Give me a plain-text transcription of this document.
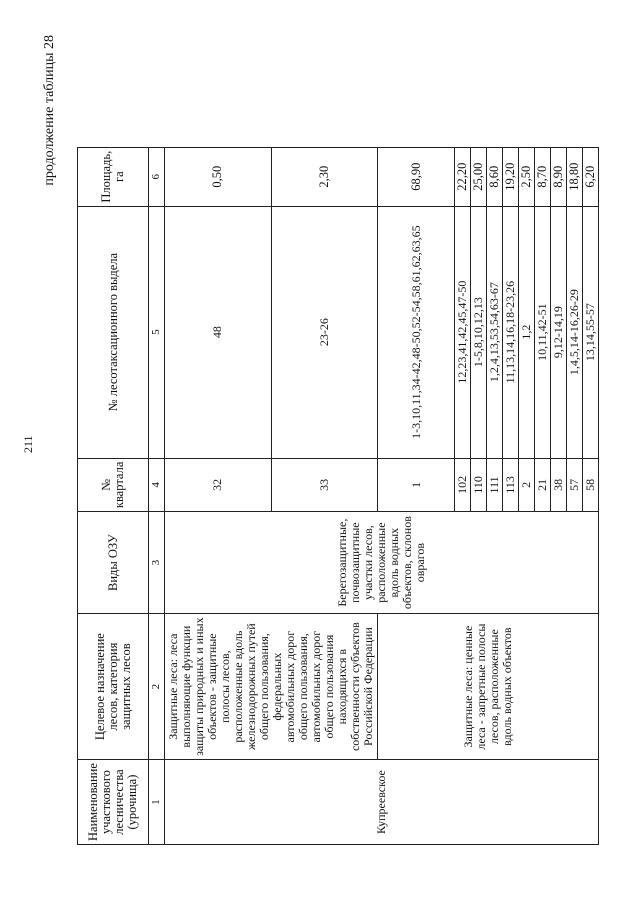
211
продолжение таблицы 28
Наименование участкового лесничества (урочища)	Целевое назначение лесов, категория защитных лесов	Виды ОЗУ	№ квартала	№ лесотаксационного выдела	Площадь, га
1	2	3	4	5	6
Купреевское	Защитные леса: леса выполняющие функции защиты природных и иных объектов - защитные полосы лесов, расположенные вдоль железнодорожных путей общего пользования, федеральных автомобильных дорог общего пользования, автомобильных дорог общего пользования находящихся в собственности субъектов Российской Федерации	Берегозащитные, почвозащитные участки лесов, расположенные вдоль водных объектов, склонов оврагов	32	48	0,50
			33	23-26	2,30
	Защитные леса: ценные леса - запретные полосы лесов, расположенные вдоль водных объектов		1	1-3,10,11,34-42,48-50,52-54,58,61,62,63,65	68,90
			102	12,23,41,42,45,47-50	22,20
			110	1-5,8,10,12,13	25,00
			111	1,2,4,13,53,54,63-67	8,60
			113	11,13,14,16,18-23,26	19,20
			2	1,2	2,50
			21	10,11,42-51	8,70
			38	9,12-14,19	8,90
			57	1,4,5,14-16,26-29	18,80
			58	13,14,55-57	6,20
